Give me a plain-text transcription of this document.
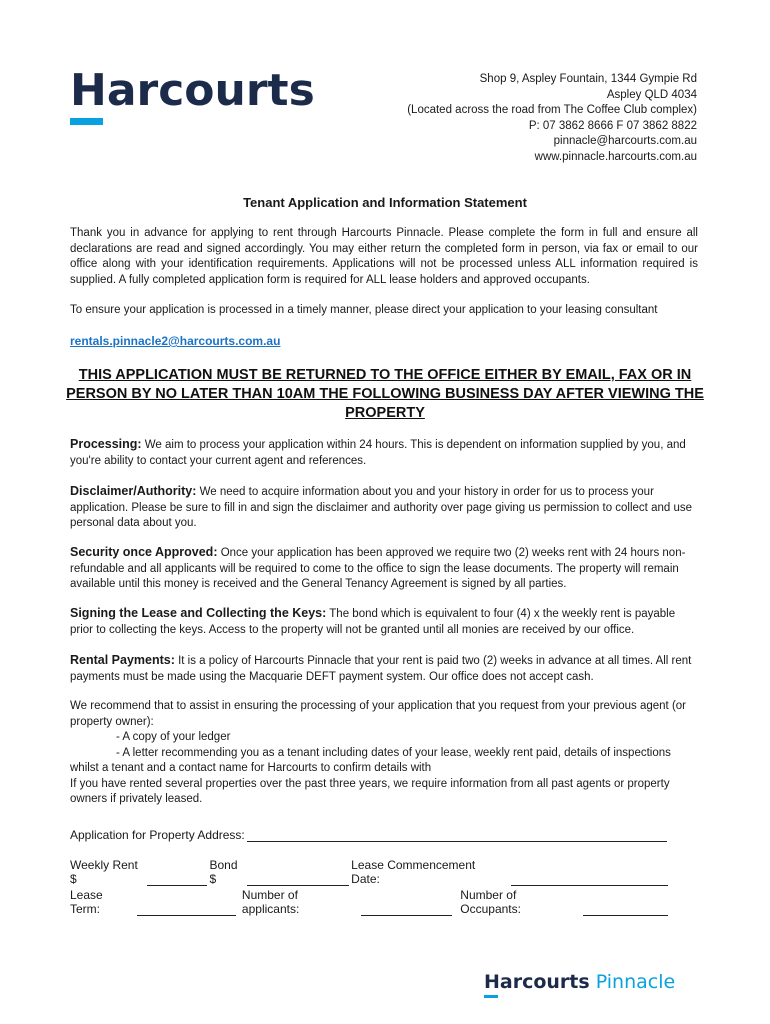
Harcourts	Shop 9, Aspley Fountain, 1344 Gympie Rd
Aspley QLD 4034
(Located across the road from The Coffee Club complex)
P: 07 3862 8666 F 07 3862 8822
pinnacle@harcourts.com.au
www.pinnacle.harcourts.com.au
Tenant Application and Information Statement
Thank you in advance for applying to rent through Harcourts Pinnacle. Please complete the form in full and ensure all declarations are read and signed accordingly. You may either return the completed form in person, via fax or email to our office along with your identification requirements. Applications will not be processed unless ALL information required is supplied. A fully completed application form is required for ALL lease holders and approved occupants.
To ensure your application is processed in a timely manner, please direct your application to your leasing consultant
rentals.pinnacle2@harcourts.com.au
THIS APPLICATION MUST BE RETURNED TO THE OFFICE EITHER BY EMAIL, FAX OR IN PERSON BY NO LATER THAN 10AM THE FOLLOWING BUSINESS DAY AFTER VIEWING THE PROPERTY
Processing: We aim to process your application within 24 hours. This is dependent on information supplied by you, and you're ability to contact your current agent and references.
Disclaimer/Authority: We need to acquire information about you and your history in order for us to process your application. Please be sure to fill in and sign the disclaimer and authority over page giving us permission to collect and use personal data about you.
Security once Approved: Once your application has been approved we require two (2) weeks rent with 24 hours non-refundable and all applicants will be required to come to the office to sign the lease documents. The property will remain available until this money is received and the General Tenancy Agreement is signed by all parties.
Signing the Lease and Collecting the Keys: The bond which is equivalent to four (4) x the weekly rent is payable prior to collecting the keys. Access to the property will not be granted until all monies are received by our office.
Rental Payments: It is a policy of Harcourts Pinnacle that your rent is paid two (2) weeks in advance at all times. All rent payments must be made using the Macquarie DEFT payment system. Our office does not accept cash.
We recommend that to assist in ensuring the processing of your application that you request from your previous agent (or property owner):
- A copy of your ledger
- A letter recommending you as a tenant including dates of your lease, weekly rent paid, details of inspections
whilst a tenant and a contact name for Harcourts to confirm details with
If you have rented several properties over the past three years, we require information from all past agents or property owners if privately leased.
Application for Property Address:
Weekly Rent $
Bond $
Lease Commencement Date:
Lease Term:
Number of applicants:
Number of Occupants:
Harcourts Pinnacle
